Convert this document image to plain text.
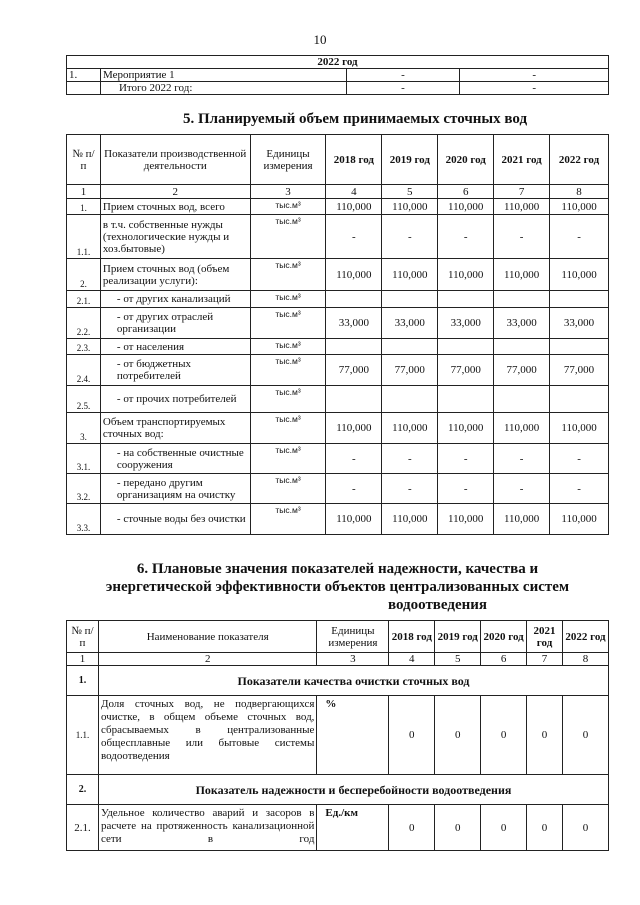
10
2022 год			
1.	Мероприятие 1	-	-
	Итого 2022 год:	-	-
5. Планируемый объем принимаемых сточных вод
№ п/ п	Показатели производственной деятельности	Единицы измерения	2018 год	2019 год	2020 год	2021 год	2022 год
1	2	3	4	5	6	7	8
1.	Прием сточных вод, всего	тыс.м³	110,000	110,000	110,000	110,000	110,000
1.1.	в т.ч. собственные нужды (технологические нужды и хоз.бытовые)	тыс.м³	-	-	-	-	-
2.	Прием сточных вод (объем реализации услуги):	тыс.м³	110,000	110,000	110,000	110,000	110,000
2.1.	- от других канализаций	тыс.м³					
2.2.	- от других отраслей организации	тыс.м³	33,000	33,000	33,000	33,000	33,000
2.3.	- от населения	тыс.м³					
2.4.	- от бюджетных потребителей	тыс.м³	77,000	77,000	77,000	77,000	77,000
2.5.	- от прочих потребителей	тыс.м³					
3.	Объем транспортируемых сточных вод:	тыс.м³	110,000	110,000	110,000	110,000	110,000
3.1.	- на собственные очистные сооружения	тыс.м³	-	-	-	-	-
3.2.	- передано другим организациям на очистку	тыс.м³	-	-	-	-	-
3.3.	- сточные воды без очистки	тыс.м³	110,000	110,000	110,000	110,000	110,000
6. Плановые значения показателей надежности, качества и
энергетической эффективности объектов централизованных систем
водоотведения
№ п/п	Наименование показателя	Единицы измерения	2018 год	2019 год	2020 год	2021 год	2022 год
1	2	3	4	5	6	7	8
1.	Показатели качества очистки сточных вод						
1.1.	Доля сточных вод, не подвергающихся очистке, в общем объеме сточных вод, сбрасываемых в централизованные общесплавные или бытовые системы водоотведения	%	0	0	0	0	0
2.	Показатель надежности и бесперебойности водоотведения						
2.1.	Удельное количество аварий и засоров в расчете на протяженность канализационной сети в год	Ед./км	0	0	0	0	0
